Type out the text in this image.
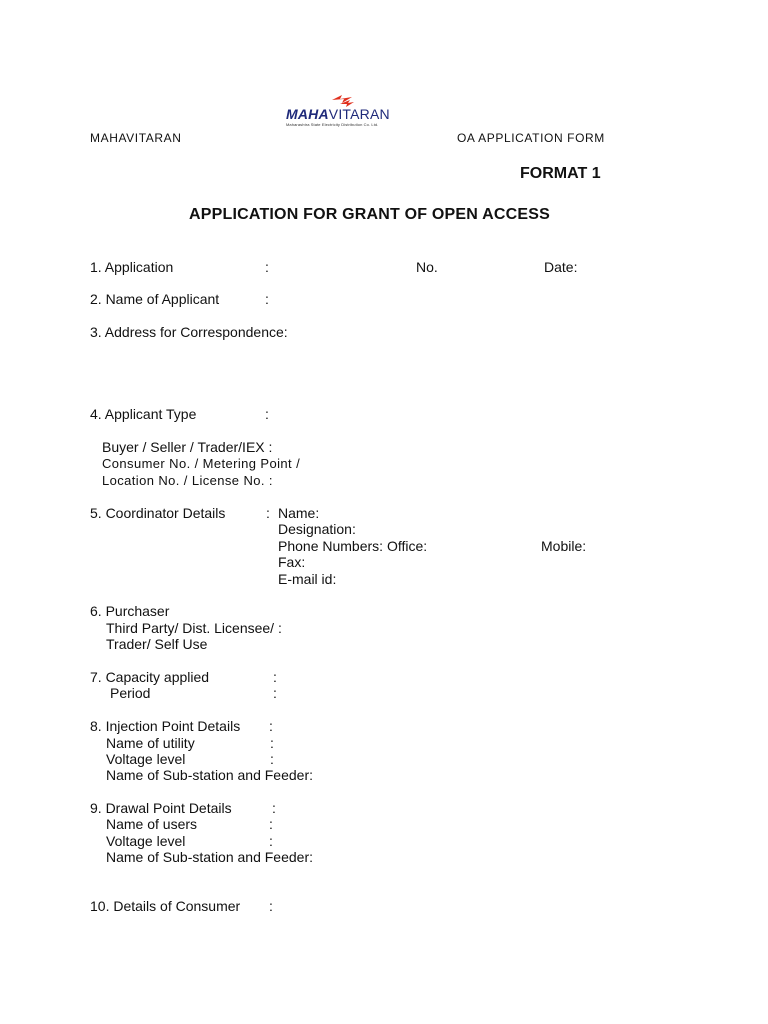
MAHAVITARAN
Maharashtra State Electricity Distribution Co. Ltd.
MAHAVITARAN	OA APPLICATION FORM
FORMAT 1
APPLICATION FOR GRANT OF OPEN ACCESS
1. Application	:	No.	Date:
2. Name of Applicant	:
3. Address for Correspondence:
4. Applicant Type	:
Buyer / Seller / Trader/IEX :
Consumer No. / Metering Point /
Location No. / License No. :
5. Coordinator Details	: Name:
Designation:
Phone Numbers: Office:	Mobile:
Fax:
E-mail id:
6. Purchaser
Third Party/ Dist. Licensee/ :
Trader/ Self Use
7. Capacity applied	:
Period	:
8. Injection Point Details :
Name of utility	:
Voltage level	:
Name of Sub-station and Feeder:
9. Drawal Point Details	:
Name of users	:
Voltage level	:
Name of Sub-station and Feeder:
10. Details of Consumer :
